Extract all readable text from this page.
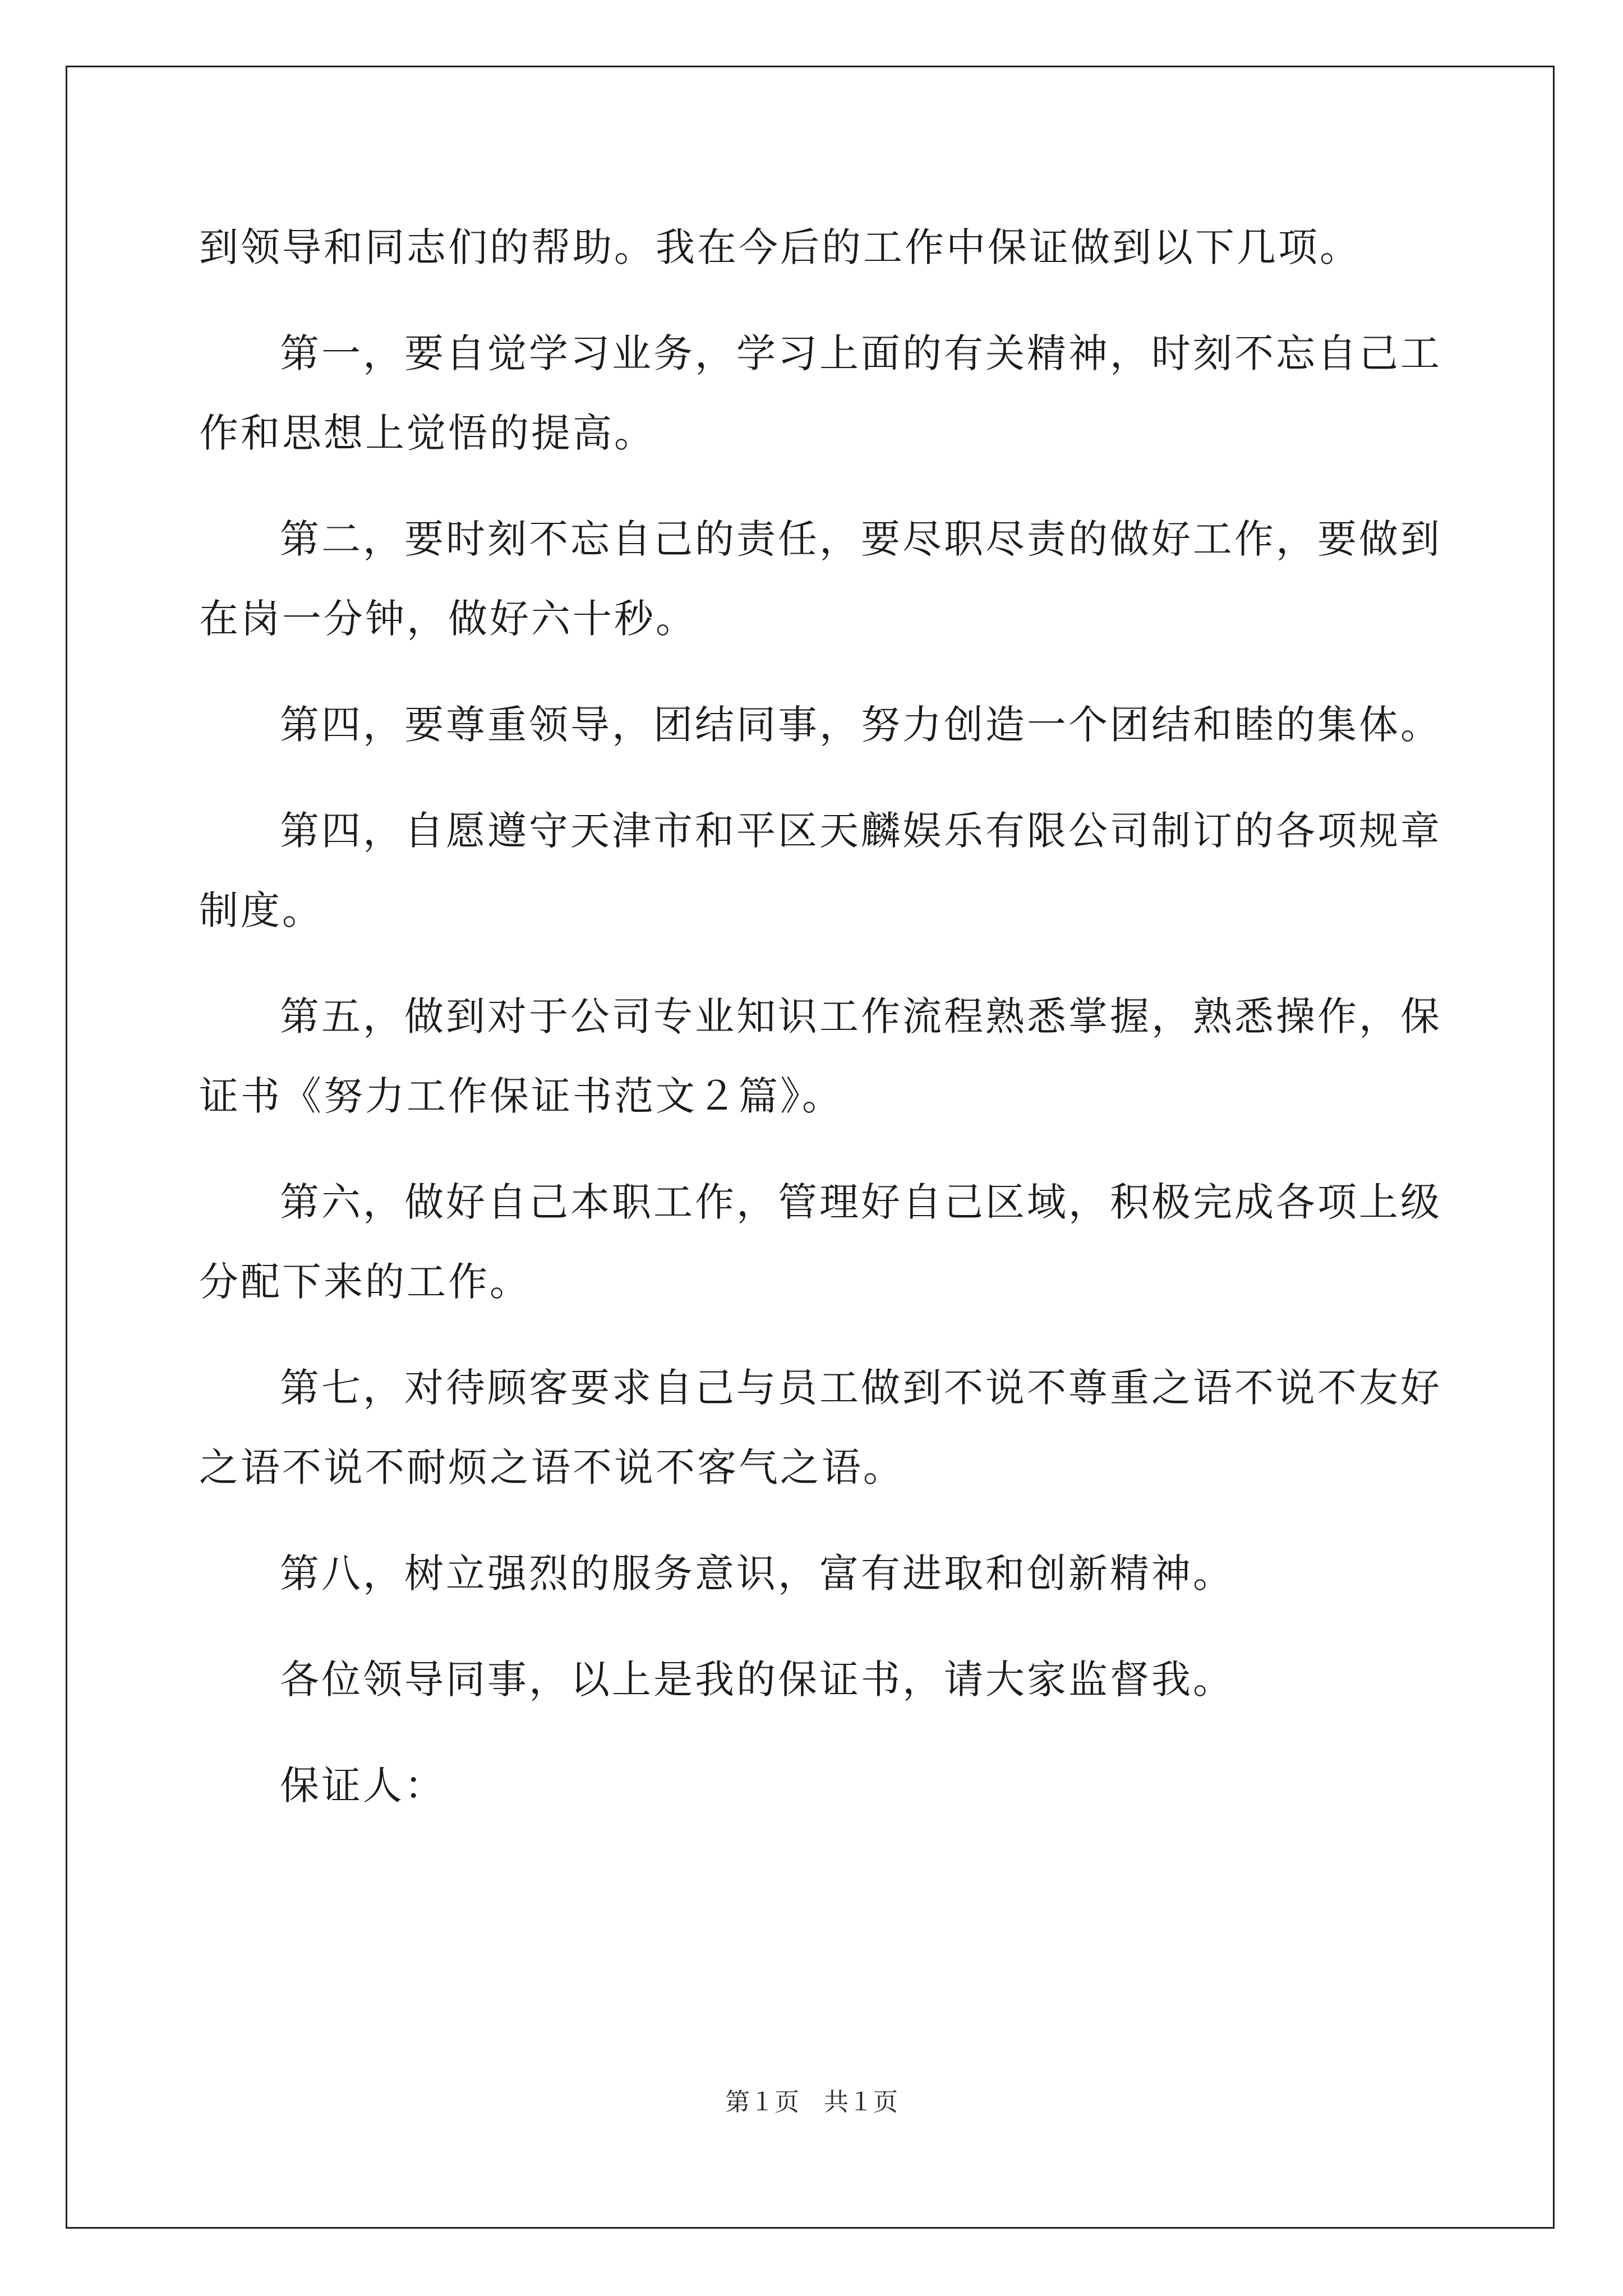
到领导和同志们的帮助。我在今后的工作中保证做到以下几项。
第一，要自觉学习业务，学习上面的有关精神，时刻不忘自己工
作和思想上觉悟的提高。
第二，要时刻不忘自己的责任，要尽职尽责的做好工作，要做到
在岗一分钟，做好六十秒。
第四，要尊重领导，团结同事，努力创造一个团结和睦的集体。
第四，自愿遵守天津市和平区天麟娱乐有限公司制订的各项规章
制度。
第五，做到对于公司专业知识工作流程熟悉掌握，熟悉操作，保
证书《努力工作保证书范文２篇》。
第六，做好自己本职工作，管理好自己区域，积极完成各项上级
分配下来的工作。
第七，对待顾客要求自己与员工做到不说不尊重之语不说不友好
之语不说不耐烦之语不说不客气之语。
第八，树立强烈的服务意识，富有进取和创新精神。
各位领导同事，以上是我的保证书，请大家监督我。
保证人：
第１页　共１页
